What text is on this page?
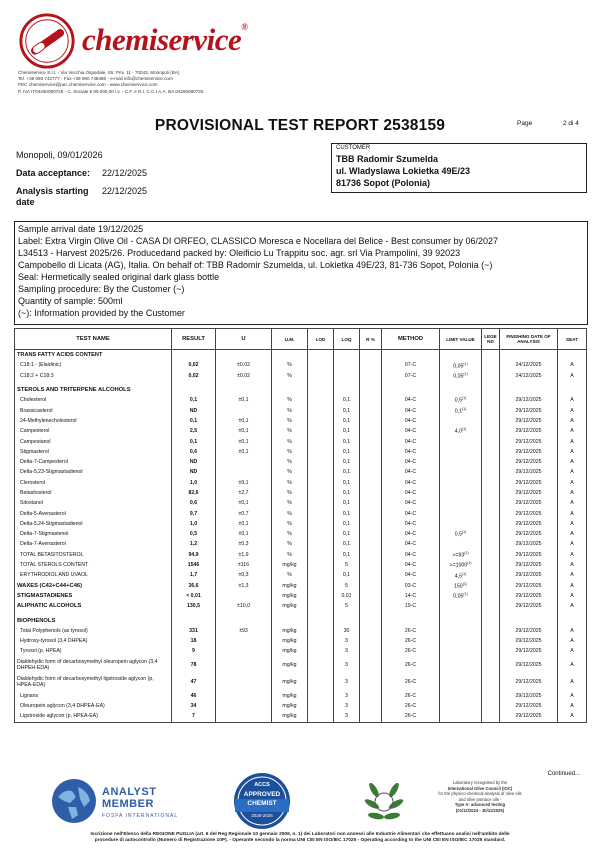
chemiservice®
Chemiservice S.r.l. - Via Vecchia Ospedale, Str. Priv. 11 - 70043, Monopoli (BA)
Tel. +39 080 742777 - Fax +39 080 748486 - e-mail info@chemiservice.com
PEC chemiservice@pec.chemiservice.com - www.chemiservice.com
P. IVA IT04260080726 - C. Sociale € 89.000,00 i.v. - C.F. e R.I. C.C.I.A.A. BA 04260080726
PROVISIONAL TEST REPORT 2538159	Page	2 di 4
Monopoli, 09/01/2026
Data acceptance: 22/12/2025
Analysis starting
date
22/12/2025
CUSTOMER
TBB Radomir Szumelda
ul. Wladyslawa Lokietka 49E/23
81736 Sopot (Polonia)
Sample arrival date 19/12/2025
Label: Extra Virgin Olive Oil - CASA DI ORFEO, CLASSICO Moresca e Nocellara del Belice - Best consumer by 06/2027
L34513 - Harvest 2025/26. Producedand packed by: Oleificio Lu Trappitu soc. agr. srl Via Prampolini, 39 92023
Campobello di Licata (AG), Italia. On behalf of: TBB Radomir Szumelda, ul. Lokietka 49E/23, 81-736 Sopot, Polonia (~)
Seal: Hermetically sealed original dark glass bottle
Sampling procedure: By the Customer (~)
Quantity of sample: 500ml
(~): Information provided by the Customer
TEST NAME	RESULT	U	U.M.	LOD	LOQ	R %	METHOD	LIMIT VALUE	LEGE ND	FINISHING DATE OF ANALYSIS	SEAT
TRANS FATTY ACIDS CONTENT											
C18:1 - (Elaidinic)	0,02	±0,02	%				07-C	0,05$^{(1)}$		24/12/2025	A
C18:2 + C18:3	0,02	±0,02	%				07-C	0,05$^{(1)}$		24/12/2025	A
STEROLS AND TRITERPENE ALCOHOLS											
Cholesterol	0,1	±0,1	%		0,1		04-C	0,5$^{(1)}$		29/12/2025	A
Brassicasterol	ND		%		0,1		04-C	0,1$^{(1)}$		29/12/2025	A
24-Methylenecholesterol	0,1	±0,1	%		0,1		04-C			29/12/2025	A
Campesterol	2,5	±0,1	%		0,1		04-C	4,0$^{(1)}$		29/12/2025	A
Campestanol	0,1	±0,1	%		0,1		04-C			29/12/2025	A
Stigmasterol	0,6	±0,1	%		0,1		04-C			29/12/2025	A
Delta-7-Campesterol	ND		%		0,1		04-C			29/12/2025	A
Delta-5,23-Stigmastadienol	ND		%		0,1		04-C			29/12/2025	A
Clerosterol	1,0	±0,1	%		0,1		04-C			29/12/2025	A
Betasitosterol	82,6	±2,7	%		0,1		04-C			29/12/2025	A
Sitostanol	0,6	±0,1	%		0,1		04-C			29/12/2025	A
Delta-5-Avenasterol	9,7	±0,7	%		0,1		04-C			29/12/2025	A
Delta-5,24-Stigmastadienol	1,0	±0,1	%		0,1		04-C			29/12/2025	A
Delta-7-Stigmastenol	0,5	±0,1	%		0,1		04-C	0,5$^{(1)}$		29/12/2025	A
Delta-7-Avenasterol	1,2	±0,3	%		0,1		04-C			29/12/2025	A
TOTAL BETASITOSTEROL	94,9	±1,9	%		0,1		04-C	$>=93^{(1)}$		29/12/2025	A
TOTAL STEROLS CONTENT	1546	±116	mg/kg		5		04-C	$>=1000^{(1)}$		29/12/2025	A
ERYTHRODIOL AND UVAOL	1,7	±0,3	%		0,1		04-C	4,5$^{(1)}$		29/12/2025	A
WAXES (C42+C44+C46)	36,6	±1,3	mg/kg		5		03-C	150$^{(1)}$		29/12/2025	A
STIGMASTADIENES	< 0,01		mg/kg		0,01		14-C	0,05$^{(1)}$		29/12/2025	A
ALIPHATIC ALCOHOLS	130,5	±10,0	mg/kg		5		19-C			29/12/2025	A
BIOPHENOLS											
Total Polyphenols (as tyrosol)	331	±93	mg/kg		30		26-C			29/12/2025	A
Hydroxy-tyrosol (3,4 DHPEA)	18		mg/kg		3		26-C			29/12/2025	A
Tyrosol (p. HPEA)	9		mg/kg		3		26-C			29/12/2025	A

Dialdehydic form of decarboxymethyl oleuropein aglycon (3,4 DHPEH-EDA)	78		mg/kg		3		26-C			29/12/2025	A

Dialdehydic form of decarboxymethyl ligstroside aglycon (p, HPEA-EDA)	47		mg/kg		3		26-C			29/12/2025	A
Lignans	46		mg/kg		3		26-C			29/12/2025	A
Oleuropein aglycon (3,4 DHPEA-EA)	34		mg/kg		3		26-C			29/12/2025	A
Ligstroside aglycon (p, HPEA-EA)	7		mg/kg		3		26-C			29/12/2025	A
Continued...
ANALYST
MEMBER
FOSFA INTERNATIONAL
ACCS
APPROVED
CHEMIST
2025-2026
Laboratory recognised by the
International Olive Council (IOC)
for the physico-chemical analysis of olive oils
and olive pomace oils -
Type A: advanced testing
(01/12/2024 - 30/11/2025)
Iscrizione nell'Elenco della REGIONE PUGLIA (art. 6 del Reg Regionale 10 gennaio 2006, n. 1) dei Laboratori non annessi alle Industrie Alimentari che effettuano analisi nell'ambito delle
procedure di autocontrollo (Numero di Registrazione 10P). - Operante secondo la norma UNI CEI EN ISO/IEC 17025 - Operating according to the UNI CEI EN ISO/IEC 17025 standard.
